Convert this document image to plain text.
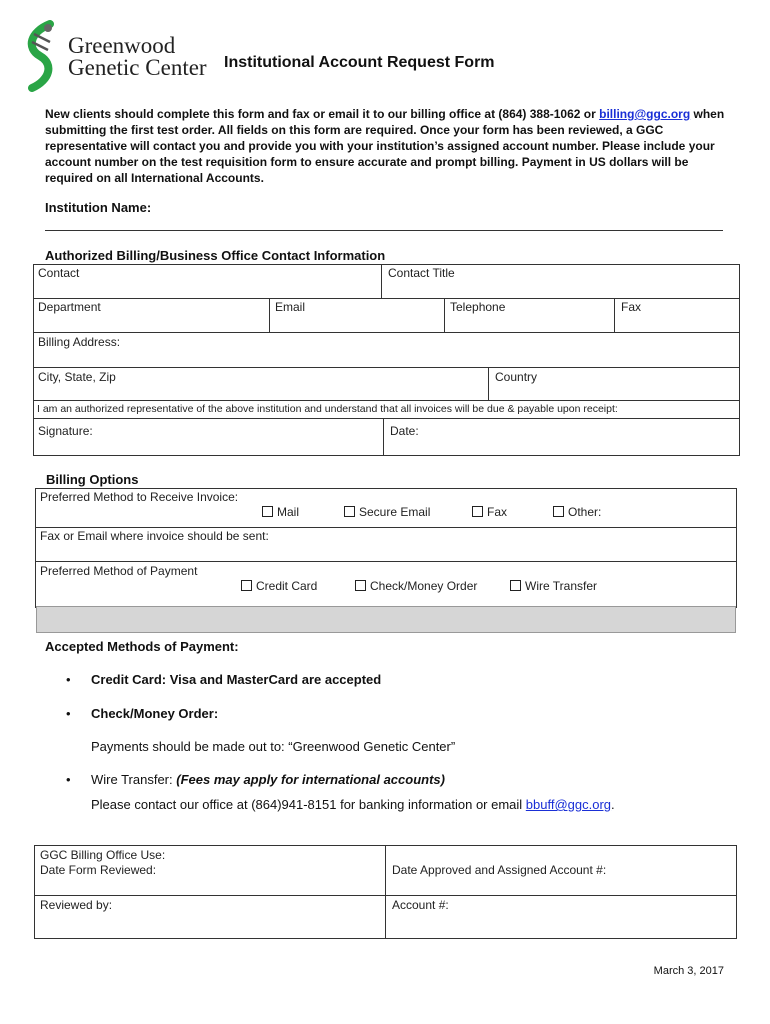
Greenwood
Genetic Center Institutional Account Request Form
New clients should complete this form and fax or email it to our billing office at (864) 388-1062 or billing@ggc.org when submitting the first test order. All fields on this form are required. Once your form has been reviewed, a GGC representative will contact you and provide you with your institution’s assigned account number. Please include your account number on the test requisition form to ensure accurate and prompt billing. Payment in US dollars will be required on all International Accounts.
Institution Name:
Authorized Billing/Business Office Contact Information
Contact	Contact Title
Department	Email	Telephone	Fax
Billing Address:
City, State, Zip	Country
I am an authorized representative of the above institution and understand that all invoices will be due & payable upon receipt:
Signature:	Date:
Billing Options
Preferred Method to Receive Invoice:
Mail	Secure Email	Fax	Other:
Fax or Email where invoice should be sent:
Preferred Method of Payment
Credit Card	Check/Money Order	Wire Transfer
Accepted Methods of Payment:
• Credit Card: Visa and MasterCard are accepted
• Check/Money Order:
Payments should be made out to: “Greenwood Genetic Center”
• Wire Transfer: (Fees may apply for international accounts)
Please contact our office at (864)941-8151 for banking information or email bbuff@ggc.org.
GGC Billing Office Use:
Date Form Reviewed:	Date Approved and Assigned Account #:
Reviewed by:	Account #:
March 3, 2017
